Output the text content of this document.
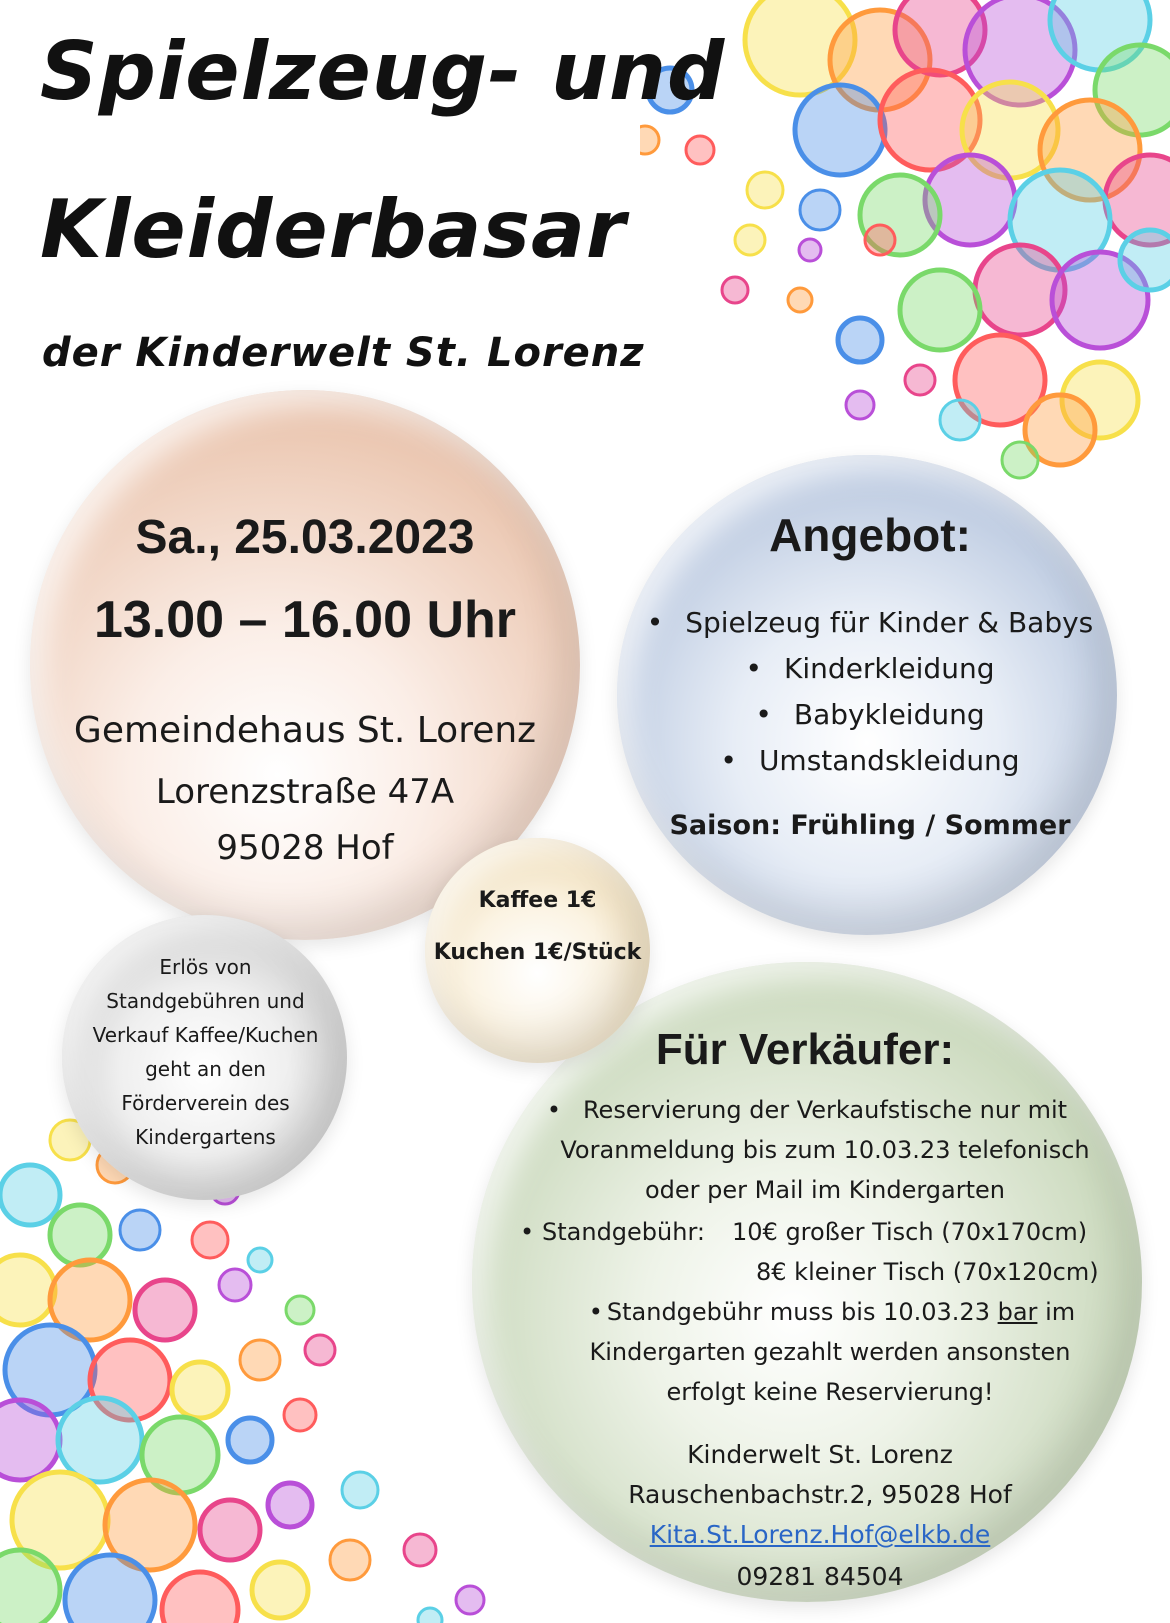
Spielzeug- und
Kleiderbasar

der Kinderwelt St. Lorenz

Sa., 25.03.2023

13.00 – 16.00 Uhr

Gemeindehaus St. Lorenz

Lorenzstraße 47A

95028 Hof

Angebot:

• Spielzeug für Kinder & Babys
• Kinderkleidung
• Babykleidung
• Umstandskleidung

Saison: Frühling / Sommer

Kaffee 1€

Kuchen 1€/Stück

Erlös von
Standgebühren und
Verkauf Kaffee/Kuchen
geht an den
Förderverein des
Kindergartens

Für Verkäufer:

• Reservierung der Verkaufstische nur mit
Voranmeldung bis zum 10.03.23 telefonisch
oder per Mail im Kindergarten
• Standgebühr: 10€ großer Tisch (70x170cm)
8€ kleiner Tisch (70x120cm)
• Standgebühr muss bis 10.03.23 bar im
Kindergarten gezahlt werden ansonsten
erfolgt keine Reservierung!

Kinderwelt St. Lorenz

Rauschenbachstr.2, 95028 Hof

Kita.St.Lorenz.Hof@elkb.de

09281 84504
